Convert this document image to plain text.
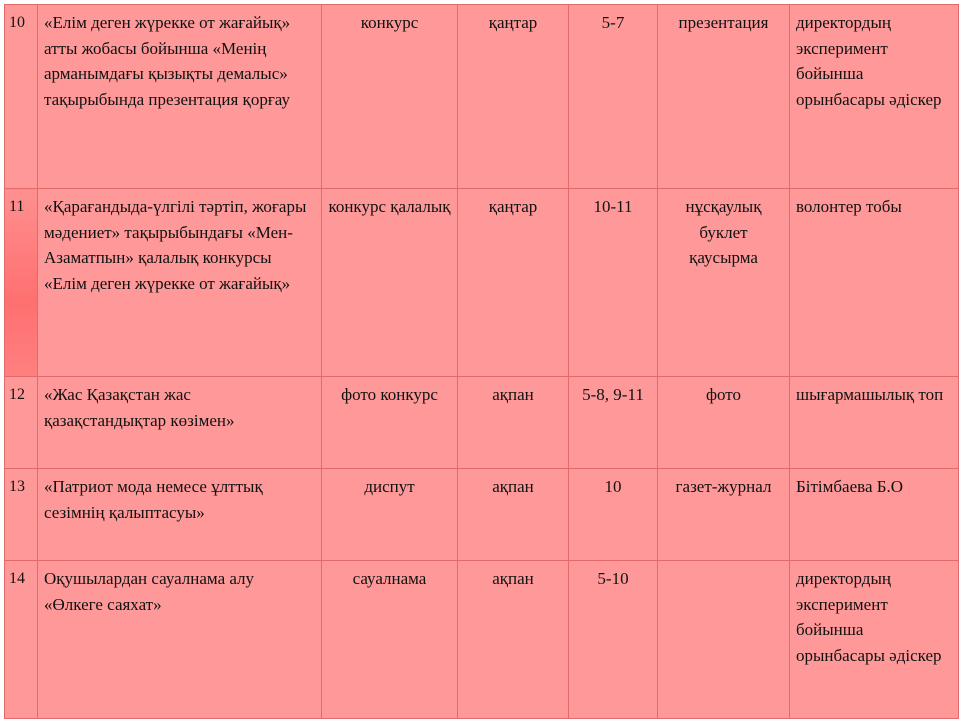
10	«Елім деген жүрекке от жағайық» атты жобасы бойынша «Менің арманымдағы қызықты демалыс» тақырыбында презентация қорғау	конкурс	қаңтар	5-7	презентация	директордың эксперимент бойынша орынбасары әдіскер
11	«Қарағандыда-үлгілі тәртіп, жоғары мәдениет» тақырыбындағы «Мен-Азаматпын» қалалық конкурсы «Елім деген жүрекке от жағайық»	конкурс қалалық	қаңтар	10-11	нұсқаулық буклет қаусырма	волонтер тобы
12	«Жас Қазақстан жас қазақстандықтар көзімен»	фото конкурс	ақпан	5-8, 9-11	фото	шығармашылық топ
13	«Патриот мода немесе ұлттық сезімнің қалыптасуы»	диспут	ақпан	10	газет-журнал	Бітімбаева Б.О
14	Оқушылардан сауалнама алу «Өлкеге саяхат»	сауалнама	ақпан	5-10		директордың эксперимент бойынша орынбасары әдіскер
